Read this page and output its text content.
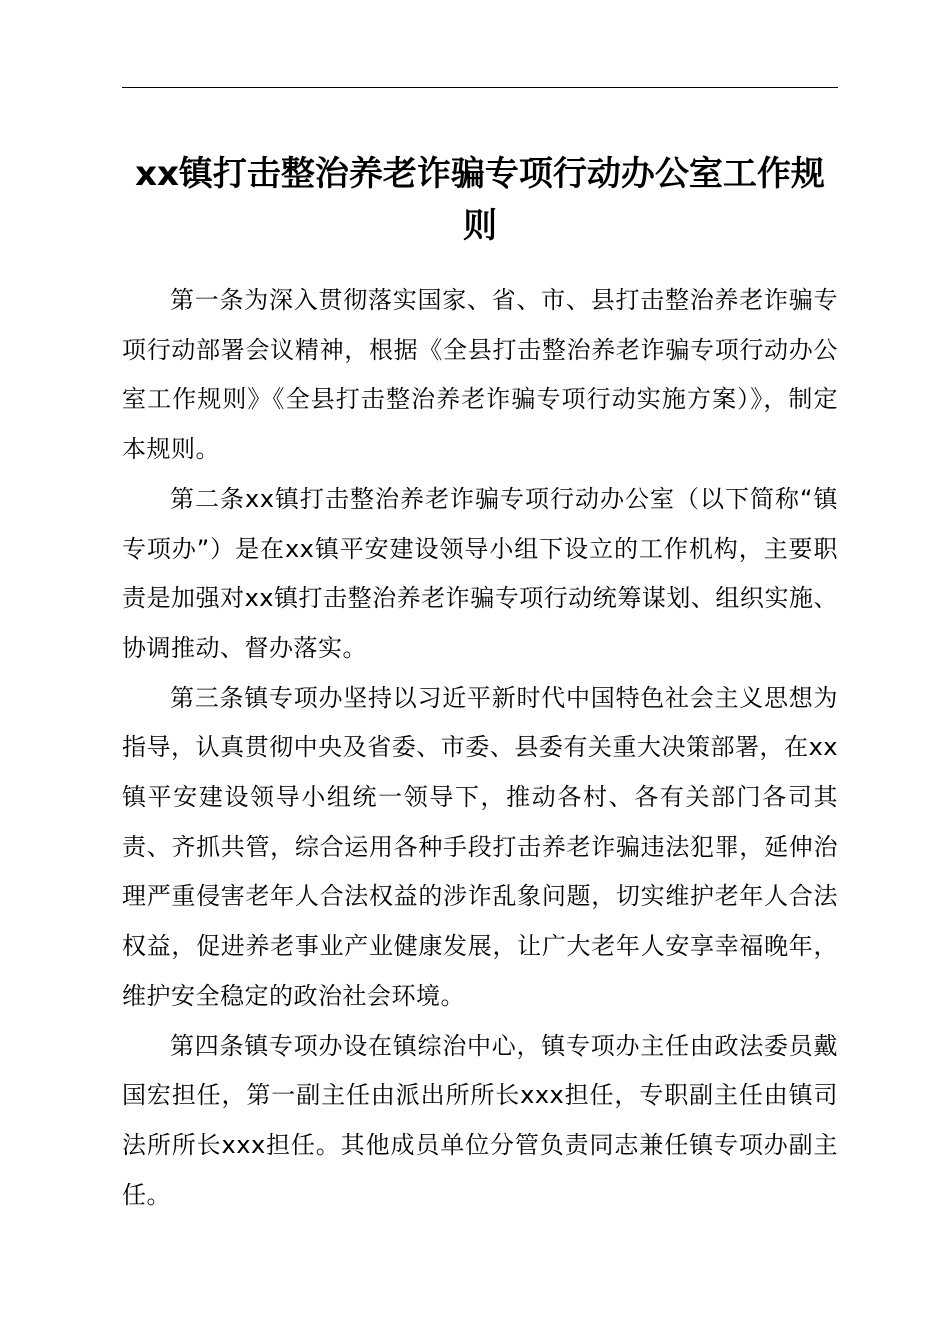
xx镇打击整治养老诈骗专项行动办公室工作规则

第一条为深入贯彻落实国家、省、市、县打击整治养老诈骗专项行动部署会议精神，根据《全县打击整治养老诈骗专项行动办公室工作规则》《全县打击整治养老诈骗专项行动实施方案）》，制定本规则。

第二条xx镇打击整治养老诈骗专项行动办公室（以下简称“镇专项办”）是在xx镇平安建设领导小组下设立的工作机构，主要职责是加强对xx镇打击整治养老诈骗专项行动统筹谋划、组织实施、协调推动、督办落实。

第三条镇专项办坚持以习近平新时代中国特色社会主义思想为指导，认真贯彻中央及省委、市委、县委有关重大决策部署，在xx镇平安建设领导小组统一领导下，推动各村、各有关部门各司其责、齐抓共管，综合运用各种手段打击养老诈骗违法犯罪，延伸治理严重侵害老年人合法权益的涉诈乱象问题，切实维护老年人合法权益，促进养老事业产业健康发展，让广大老年人安享幸福晚年，维护安全稳定的政治社会环境。

第四条镇专项办设在镇综治中心，镇专项办主任由政法委员戴国宏担任，第一副主任由派出所所长xxx担任，专职副主任由镇司法所所长xxx担任。其他成员单位分管负责同志兼任镇专项办副主任。
